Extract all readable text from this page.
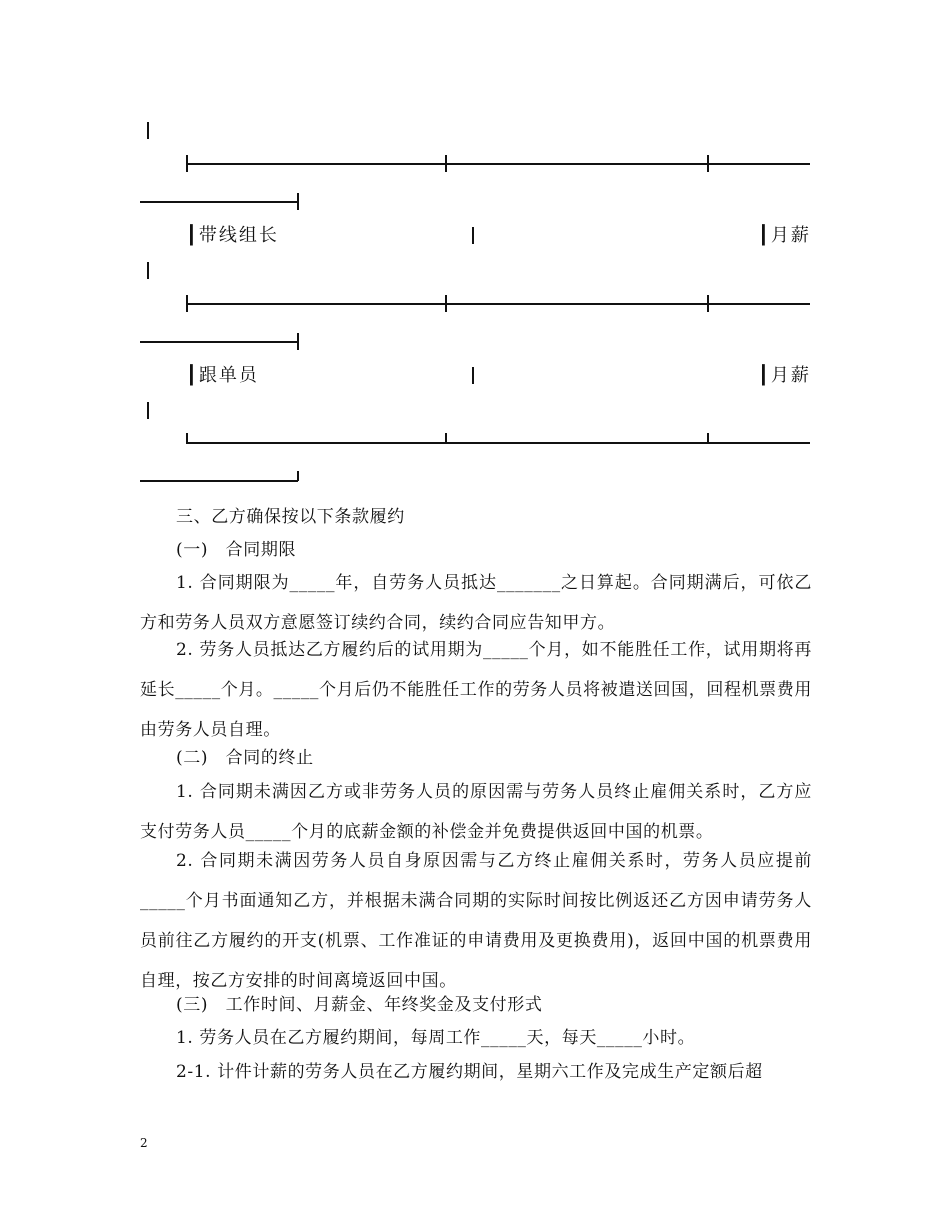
┃带线组长	┃月薪
┃跟单员	┃月薪
三、乙方确保按以下条款履约
(一)　合同期限
1. 合同期限为_____年，自劳务人员抵达_______之日算起。合同期满后，可依乙方和劳务人员双方意愿签订续约合同，续约合同应告知甲方。
2. 劳务人员抵达乙方履约后的试用期为_____个月，如不能胜任工作，试用期将再延长_____个月。_____个月后仍不能胜任工作的劳务人员将被遣送回国，回程机票费用由劳务人员自理。
(二)　合同的终止
1. 合同期未满因乙方或非劳务人员的原因需与劳务人员终止雇佣关系时，乙方应支付劳务人员_____个月的底薪金额的补偿金并免费提供返回中国的机票。
2. 合同期未满因劳务人员自身原因需与乙方终止雇佣关系时，劳务人员应提前_____个月书面通知乙方，并根据未满合同期的实际时间按比例返还乙方因申请劳务人员前往乙方履约的开支(机票、工作准证的申请费用及更换费用)，返回中国的机票费用自理，按乙方安排的时间离境返回中国。
(三)　工作时间、月薪金、年终奖金及支付形式
1. 劳务人员在乙方履约期间，每周工作_____天，每天_____小时。
2-1. 计件计薪的劳务人员在乙方履约期间，星期六工作及完成生产定额后超
2
